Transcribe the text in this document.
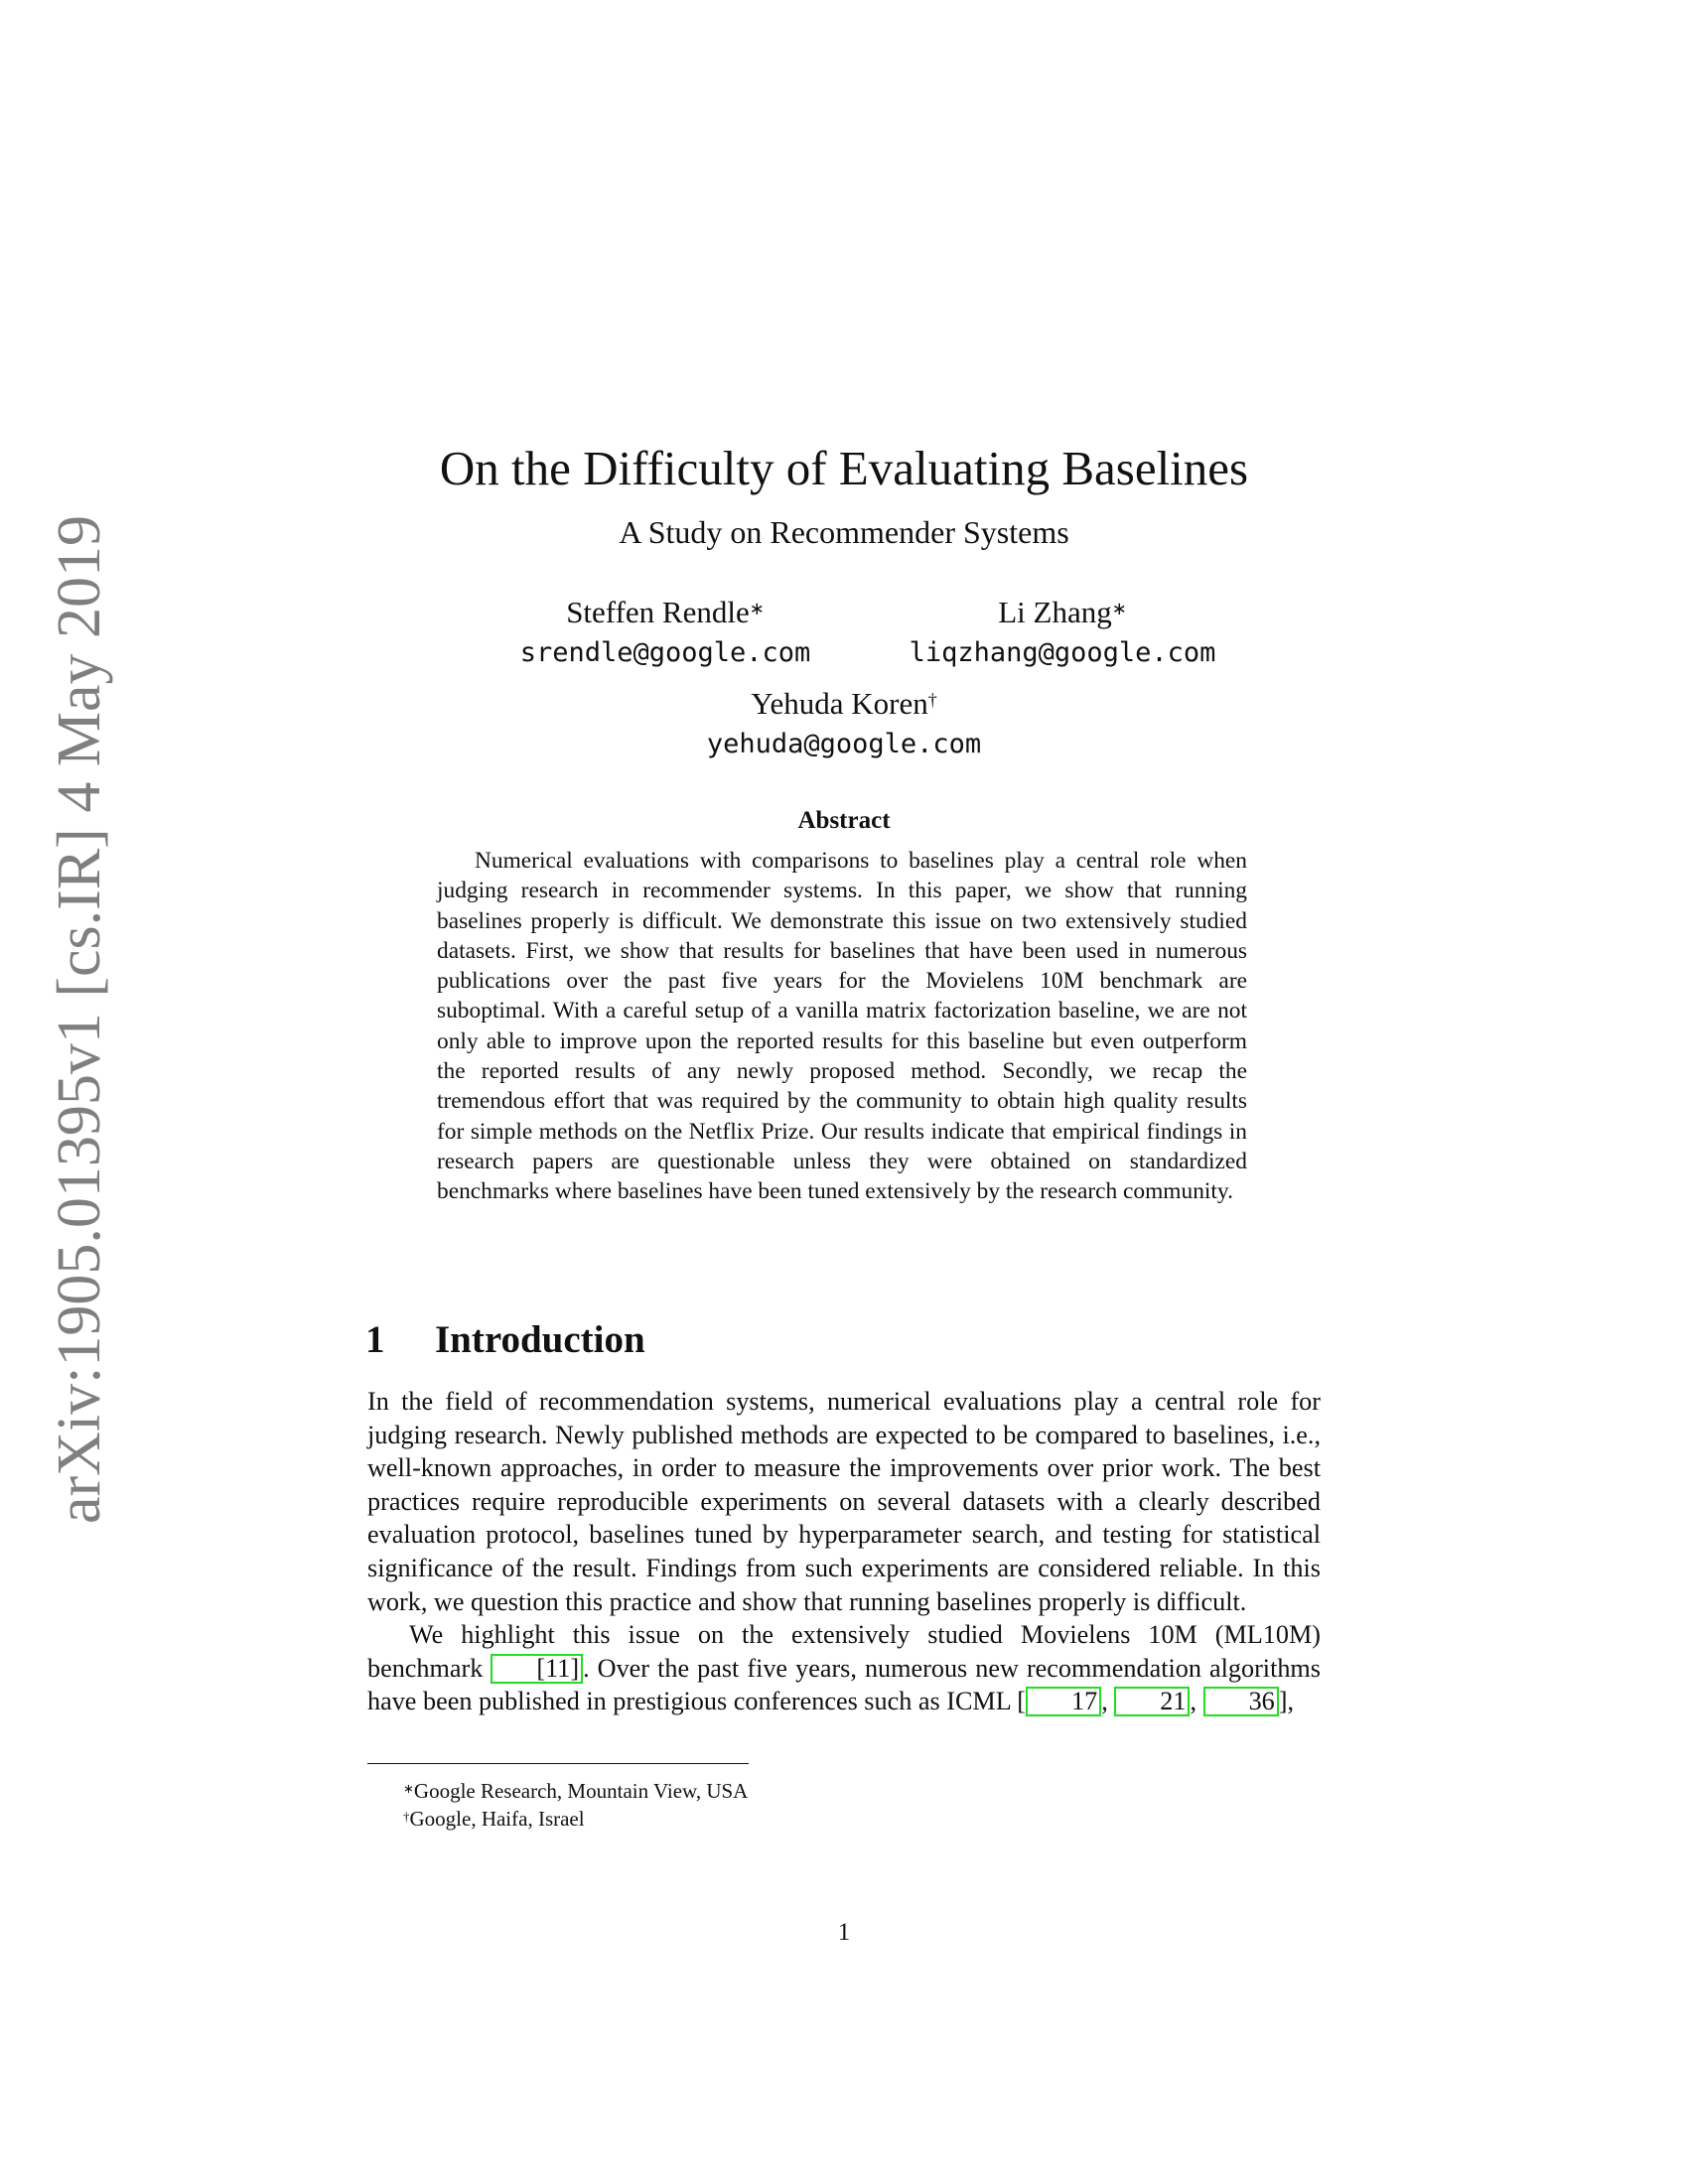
arXiv:1905.01395v1 [cs.IR] 4 May 2019
On the Difficulty of Evaluating Baselines
A Study on Recommender Systems
Steffen Rendle∗
srendle@google.com
Li Zhang∗
liqzhang@google.com
Yehuda Koren†
yehuda@google.com
Abstract
Numerical evaluations with comparisons to baselines play a central role when judging research in recommender systems. In this paper, we show that running baselines properly is difficult. We demonstrate this issue on two extensively studied datasets. First, we show that results for baselines that have been used in numerous publications over the past five years for the Movielens 10M benchmark are suboptimal. With a careful setup of a vanilla matrix factorization baseline, we are not only able to improve upon the reported results for this baseline but even outperform the reported results of any newly proposed method. Secondly, we recap the tremendous effort that was required by the community to obtain high quality results for simple methods on the Netflix Prize. Our results indicate that empirical findings in research papers are questionable unless they were obtained on standardized benchmarks where baselines have been tuned extensively by the research community.
1 Introduction

In the field of recommendation systems, numerical evaluations play a central role for judging research. Newly published methods are expected to be compared to baselines, i.e., well-known approaches, in order to measure the improvements over prior work. The best practices require reproducible experiments on several datasets with a clearly described evaluation protocol, baselines tuned by hyperparameter search, and testing for statistical significance of the result. Findings from such experiments are considered reliable. In this work, we question this practice and show that running baselines properly is difficult.

We highlight this issue on the extensively studied Movielens 10M (ML10M) benchmark [11] . Over the past five years, numerous new recommendation algorithms have been published in prestigious conferences such as ICML [ 17 , 21 , 36 ],

∗Google Research, Mountain View, USA
†Google, Haifa, Israel
1
